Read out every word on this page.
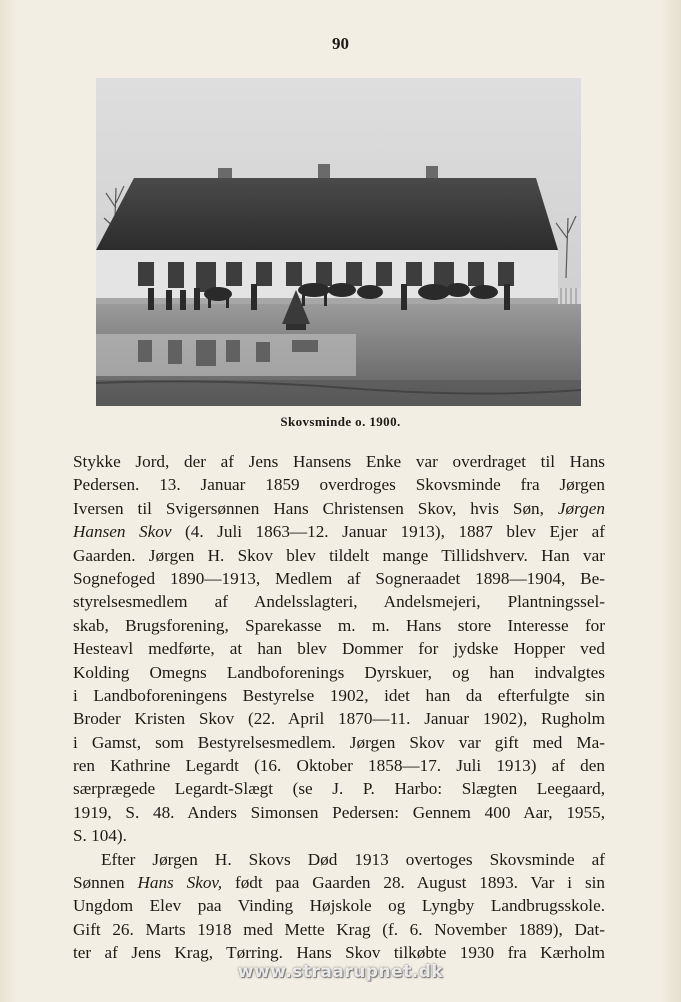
90
Skovsminde o. 1900.
Stykke Jord, der af Jens Hansens Enke var overdraget til Hans
Pedersen. 13. Januar 1859 overdroges Skovsminde fra Jørgen
Iversen til Svigersønnen Hans Christensen Skov, hvis Søn, Jørgen
Hansen Skov (4. Juli 1863—12. Januar 1913), 1887 blev Ejer af
Gaarden. Jørgen H. Skov blev tildelt mange Tillidshverv. Han var
Sognefoged 1890—1913, Medlem af Sogneraadet 1898—1904, Be-
styrelsesmedlem af Andelsslagteri, Andelsmejeri, Plantningssel-
skab, Brugsforening, Sparekasse m. m. Hans store Interesse for
Hesteavl medførte, at han blev Dommer for jydske Hopper ved
Kolding Omegns Landboforenings Dyrskuer, og han indvalgtes
i Landboforeningens Bestyrelse 1902, idet han da efterfulgte sin
Broder Kristen Skov (22. April 1870—11. Januar 1902), Rugholm
i Gamst, som Bestyrelsesmedlem. Jørgen Skov var gift med Ma-
ren Kathrine Legardt (16. Oktober 1858—17. Juli 1913) af den
særprægede Legardt-Slægt (se J. P. Harbo: Slægten Leegaard,
1919, S. 48. Anders Simonsen Pedersen: Gennem 400 Aar, 1955,
S. 104).
Efter Jørgen H. Skovs Død 1913 overtoges Skovsminde af
Sønnen Hans Skov, født paa Gaarden 28. August 1893. Var i sin
Ungdom Elev paa Vinding Højskole og Lyngby Landbrugsskole.
Gift 26. Marts 1918 med Mette Krag (f. 6. November 1889), Dat-
ter af Jens Krag, Tørring. Hans Skov tilkøbte 1930 fra Kærholm
www.straarupnet.dk
